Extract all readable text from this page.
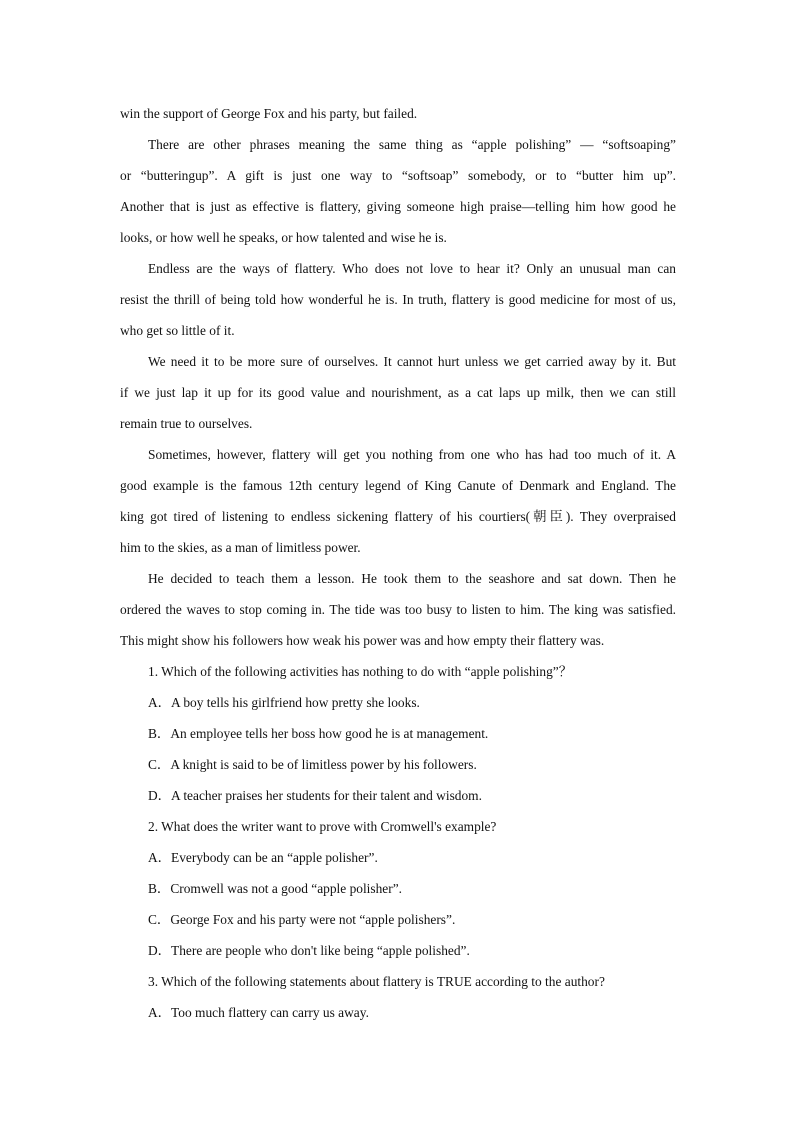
win the support of George Fox and his party, but failed.

There are other phrases meaning the same thing as “apple polishing” — “softsoaping”

or “butteringup”. A gift is just one way to “softsoap” somebody, or to “butter him up”.

Another that is just as effective is flattery, giving someone high praise—telling him how good he

looks, or how well he speaks, or how talented and wise he is.

Endless are the ways of flattery. Who does not love to hear it? Only an unusual man can

resist the thrill of being told how wonderful he is. In truth, flattery is good medicine for most of us,

who get so little of it.

We need it to be more sure of ourselves. It cannot hurt unless we get carried away by it. But

if we just lap it up for its good value and nourishment, as a cat laps up milk, then we can still

remain true to ourselves.

Sometimes, however, flattery will get you nothing from one who has had too much of it. A

good example is the famous 12th century legend of King Canute of Denmark and England. The

king got tired of listening to endless sickening flattery of his courtiers(朝臣). They overpraised

him to the skies, as a man of limitless power.

He decided to teach them a lesson. He took them to the seashore and sat down. Then he

ordered the waves to stop coming in. The tide was too busy to listen to him. The king was satisfied.

This might show his followers how weak his power was and how empty their flattery was.

1. Which of the following activities has nothing to do with “apple polishing”？

A．A boy tells his girlfriend how pretty she looks.

B．An employee tells her boss how good he is at management.

C．A knight is said to be of limitless power by his followers.

D．A teacher praises her students for their talent and wisdom.

2. What does the writer want to prove with Cromwell's example?

A．Everybody can be an “apple polisher”.

B．Cromwell was not a good “apple polisher”.

C．George Fox and his party were not “apple polishers”.

D．There are people who don't like being “apple polished”.

3. Which of the following statements about flattery is TRUE according to the author?

A．Too much flattery can carry us away.
